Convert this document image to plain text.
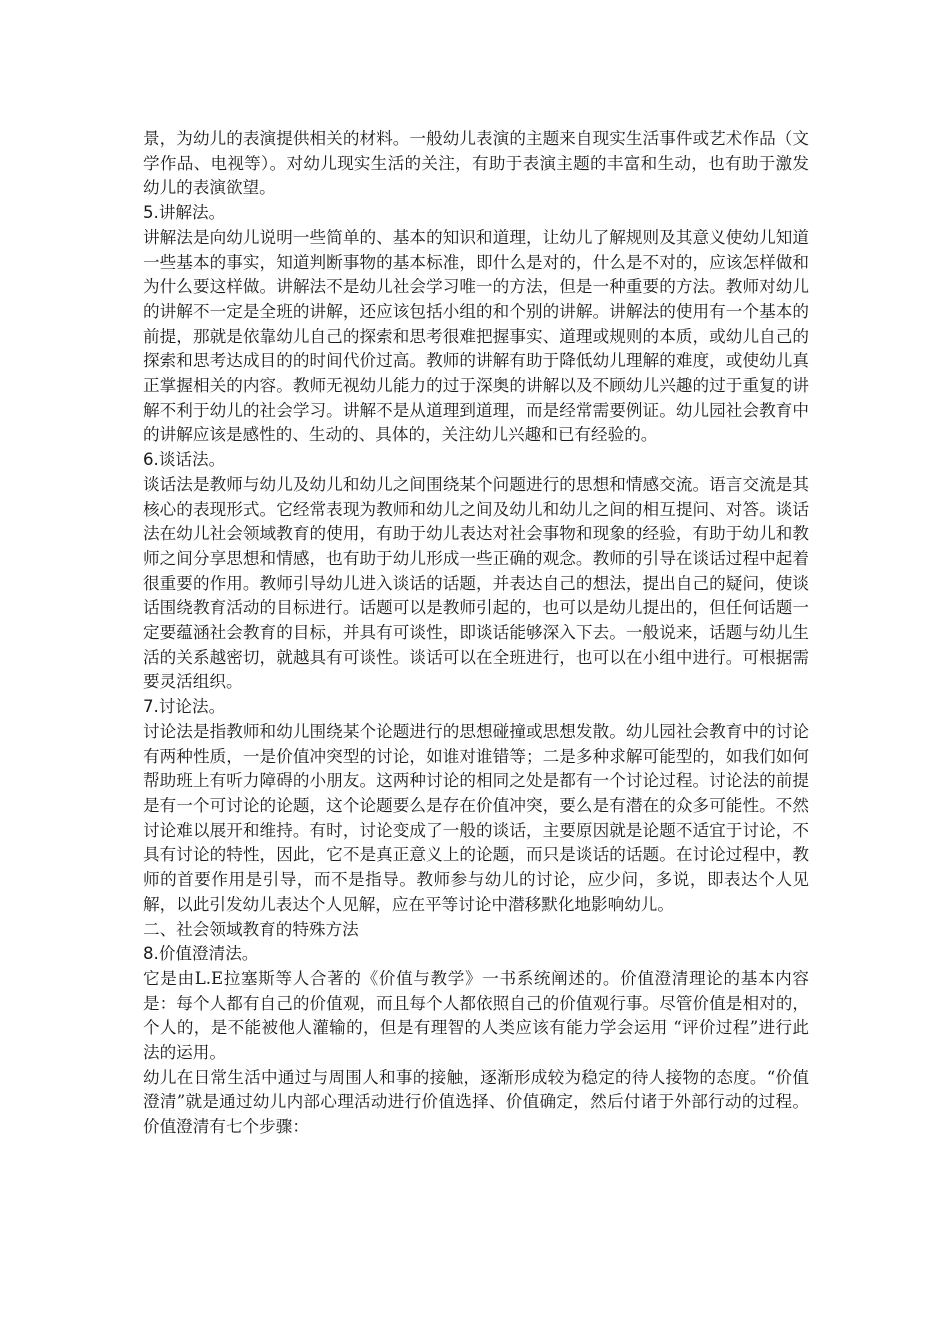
景，为幼儿的表演提供相关的材料。一般幼儿表演的主题来自现实生活事件或艺术作品（文学作品、电视等）。对幼儿现实生活的关注，有助于表演主题的丰富和生动，也有助于激发幼儿的表演欲望。

5.讲解法。

讲解法是向幼儿说明一些简单的、基本的知识和道理，让幼儿了解规则及其意义使幼儿知道一些基本的事实，知道判断事物的基本标准，即什么是对的，什么是不对的，应该怎样做和为什么要这样做。讲解法不是幼儿社会学习唯一的方法，但是一种重要的方法。教师对幼儿的讲解不一定是全班的讲解，还应该包括小组的和个别的讲解。讲解法的使用有一个基本的前提，那就是依靠幼儿自己的探索和思考很难把握事实、道理或规则的本质，或幼儿自己的探索和思考达成目的的时间代价过高。教师的讲解有助于降低幼儿理解的难度，或使幼儿真正掌握相关的内容。教师无视幼儿能力的过于深奥的讲解以及不顾幼儿兴趣的过于重复的讲解不利于幼儿的社会学习。讲解不是从道理到道理，而是经常需要例证。幼儿园社会教育中的讲解应该是感性的、生动的、具体的，关注幼儿兴趣和已有经验的。

6.谈话法。

谈话法是教师与幼儿及幼儿和幼儿之间围绕某个问题进行的思想和情感交流。语言交流是其核心的表现形式。它经常表现为教师和幼儿之间及幼儿和幼儿之间的相互提问、对答。谈话法在幼儿社会领域教育的使用，有助于幼儿表达对社会事物和现象的经验，有助于幼儿和教师之间分享思想和情感，也有助于幼儿形成一些正确的观念。教师的引导在谈话过程中起着很重要的作用。教师引导幼儿进入谈话的话题，并表达自己的想法，提出自己的疑问，使谈话围绕教育活动的目标进行。话题可以是教师引起的，也可以是幼儿提出的，但任何话题一定要蕴涵社会教育的目标，并具有可谈性，即谈话能够深入下去。一般说来，话题与幼儿生活的关系越密切，就越具有可谈性。谈话可以在全班进行，也可以在小组中进行。可根据需要灵活组织。

7.讨论法。

讨论法是指教师和幼儿围绕某个论题进行的思想碰撞或思想发散。幼儿园社会教育中的讨论有两种性质，一是价值冲突型的讨论，如谁对谁错等；二是多种求解可能型的，如我们如何帮助班上有听力障碍的小朋友。这两种讨论的相同之处是都有一个讨论过程。讨论法的前提是有一个可讨论的论题，这个论题要么是存在价值冲突，要么是有潜在的众多可能性。不然讨论难以展开和维持。有时，讨论变成了一般的谈话，主要原因就是论题不适宜于讨论，不具有讨论的特性，因此，它不是真正意义上的论题，而只是谈话的话题。在讨论过程中，教师的首要作用是引导，而不是指导。教师参与幼儿的讨论，应少问，多说，即表达个人见解，以此引发幼儿表达个人见解，应在平等讨论中潜移默化地影响幼儿。

二、社会领域教育的特殊方法

8.价值澄清法。

它是由L.E拉塞斯等人合著的《价值与教学》一书系统阐述的。价值澄清理论的基本内容是：每个人都有自己的价值观，而且每个人都依照自己的价值观行事。尽管价值是相对的，个人的，是不能被他人灌输的，但是有理智的人类应该有能力学会运用 “评价过程”进行此法的运用。

幼儿在日常生活中通过与周围人和事的接触，逐渐形成较为稳定的待人接物的态度。“价值澄清”就是通过幼儿内部心理活动进行价值选择、价值确定，然后付诸于外部行动的过程。价值澄清有七个步骤：
